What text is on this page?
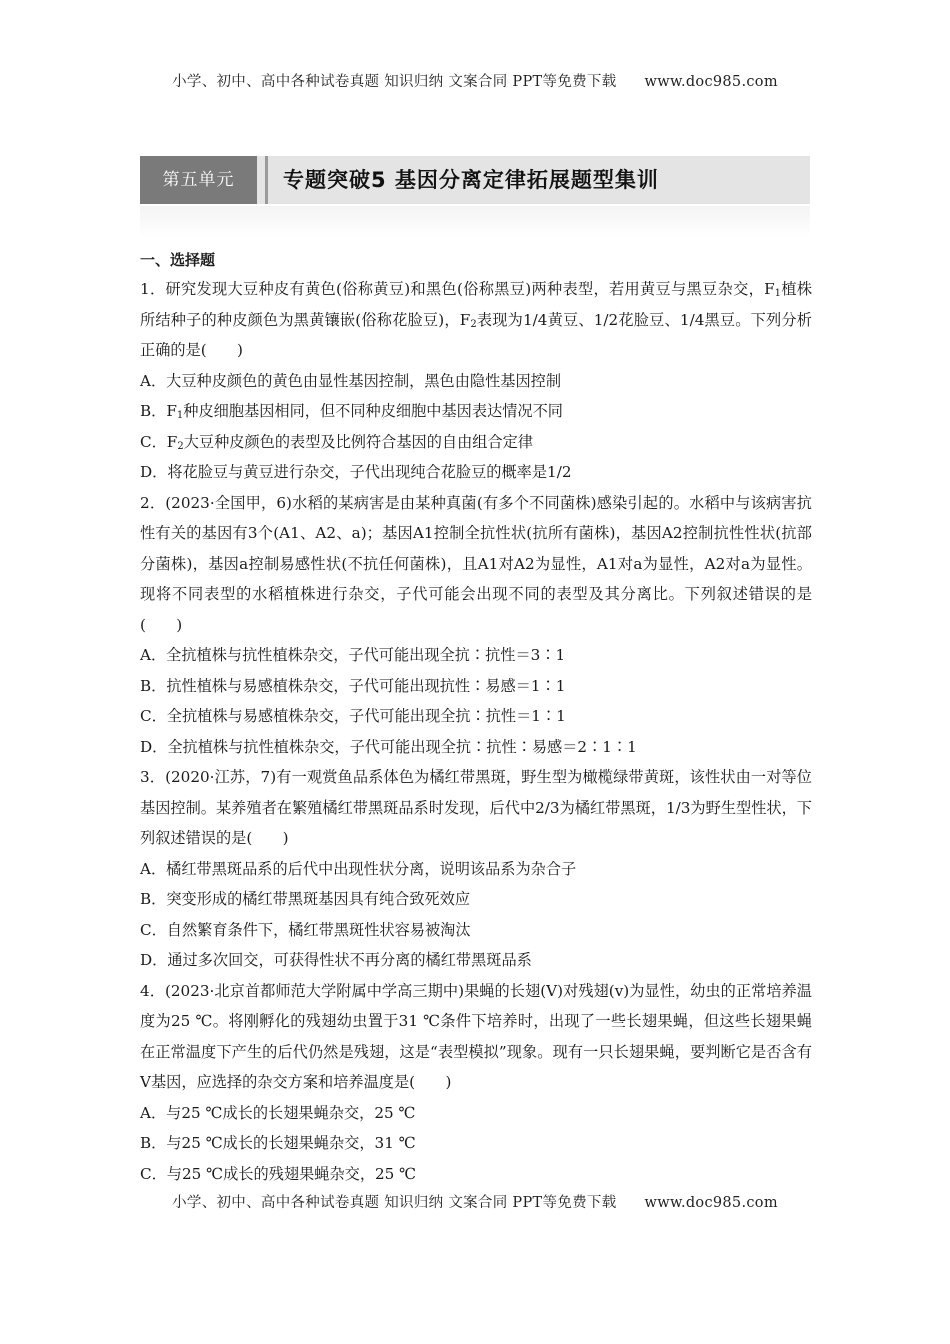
小学、初中、高中各种试卷真题 知识归纳 文案合同 PPT等免费下载 www.doc985.com
第五单元	专题突破5 基因分离定律拓展题型集训

一、选择题

1．研究发现大豆种皮有黄色(俗称黄豆)和黑色(俗称黑豆)两种表型，若用黄豆与黑豆杂交，$F_1$植株所结种子的种皮颜色为黑黄镶嵌(俗称花脸豆)，$F_2$表现为1/4黄豆、1/2花脸豆、1/4黑豆。下列分析正确的是(　　)

A．大豆种皮颜色的黄色由显性基因控制，黑色由隐性基因控制

B．$F_1$种皮细胞基因相同，但不同种皮细胞中基因表达情况不同

C．$F_2$大豆种皮颜色的表型及比例符合基因的自由组合定律

D．将花脸豆与黄豆进行杂交，子代出现纯合花脸豆的概率是1/2

2．(2023·全国甲，6)水稻的某病害是由某种真菌(有多个不同菌株)感染引起的。水稻中与该病害抗性有关的基因有3个(A1、A2、a)；基因A1控制全抗性状(抗所有菌株)，基因A2控制抗性性状(抗部分菌株)，基因a控制易感性状(不抗任何菌株)，且A1对A2为显性，A1对a为显性，A2对a为显性。现将不同表型的水稻植株进行杂交，子代可能会出现不同的表型及其分离比。下列叙述错误的是(　　)

A．全抗植株与抗性植株杂交，子代可能出现全抗∶抗性＝3∶1

B．抗性植株与易感植株杂交，子代可能出现抗性∶易感＝1∶1

C．全抗植株与易感植株杂交，子代可能出现全抗∶抗性＝1∶1

D．全抗植株与抗性植株杂交，子代可能出现全抗∶抗性∶易感＝2∶1∶1

3．(2020·江苏，7)有一观赏鱼品系体色为橘红带黑斑，野生型为橄榄绿带黄斑，该性状由一对等位基因控制。某养殖者在繁殖橘红带黑斑品系时发现，后代中2/3为橘红带黑斑，1/3为野生型性状，下列叙述错误的是(　　)

A．橘红带黑斑品系的后代中出现性状分离，说明该品系为杂合子

B．突变形成的橘红带黑斑基因具有纯合致死效应

C．自然繁育条件下，橘红带黑斑性状容易被淘汰

D．通过多次回交，可获得性状不再分离的橘红带黑斑品系

4．(2023·北京首都师范大学附属中学高三期中)果蝇的长翅(V)对残翅(v)为显性，幼虫的正常培养温度为25 ℃。将刚孵化的残翅幼虫置于31 ℃条件下培养时，出现了一些长翅果蝇，但这些长翅果蝇在正常温度下产生的后代仍然是残翅，这是“表型模拟”现象。现有一只长翅果蝇，要判断它是否含有V基因，应选择的杂交方案和培养温度是(　　)

A．与25 ℃成长的长翅果蝇杂交，25 ℃

B．与25 ℃成长的长翅果蝇杂交，31 ℃

C．与25 ℃成长的残翅果蝇杂交，25 ℃

小学、初中、高中各种试卷真题 知识归纳 文案合同 PPT等免费下载 www.doc985.com
